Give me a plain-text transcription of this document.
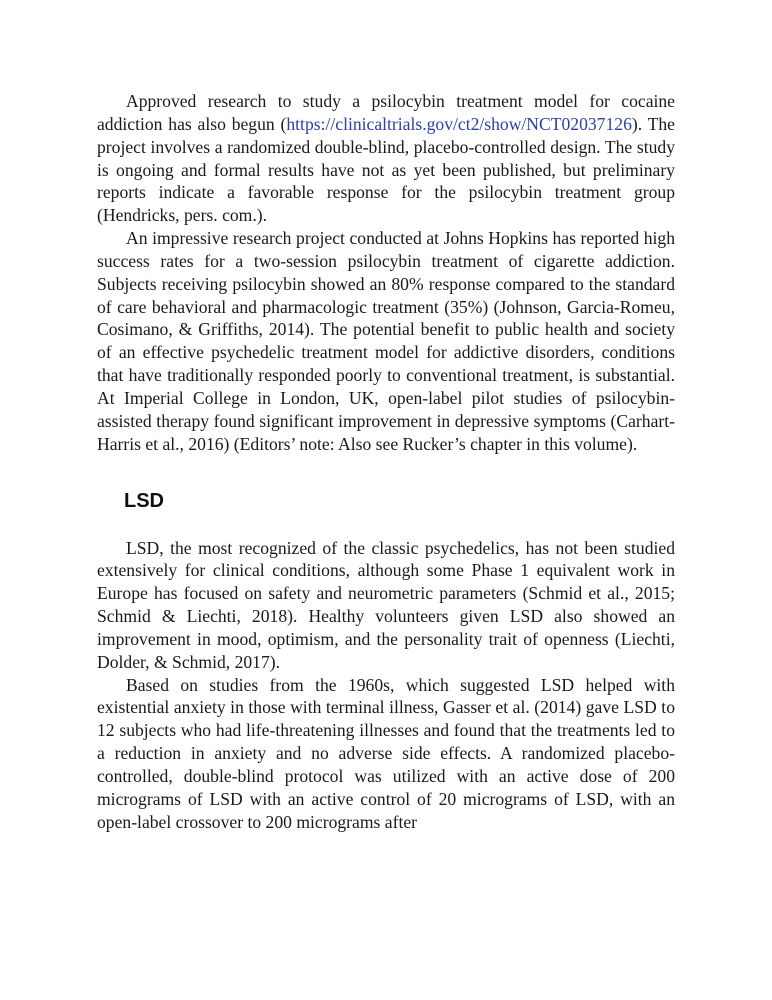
Approved research to study a psilocybin treatment model for cocaine addiction has also begun (https://clinicaltrials.gov/ct2/show/NCT02037126). The project involves a randomized double-blind, placebo-controlled design. The study is ongoing and formal results have not as yet been published, but preliminary reports indicate a favorable response for the psilocybin treatment group (Hendricks, pers. com.).

An impressive research project conducted at Johns Hopkins has reported high success rates for a two-session psilocybin treatment of cigarette addiction. Subjects receiving psilocybin showed an 80% response compared to the standard of care behavioral and pharmacologic treatment (35%) (Johnson, Garcia-Romeu, Cosimano, & Griffiths, 2014). The potential benefit to public health and society of an effective psychedelic treatment model for addictive disorders, conditions that have traditionally responded poorly to conventional treatment, is substantial. At Imperial College in London, UK, open-label pilot studies of psilocybin-assisted therapy found significant improvement in depressive symptoms (Carhart-Harris et al., 2016) (Editors’ note: Also see Rucker’s chapter in this volume).

LSD

LSD, the most recognized of the classic psychedelics, has not been studied extensively for clinical conditions, although some Phase 1 equivalent work in Europe has focused on safety and neurometric parameters (Schmid et al., 2015; Schmid & Liechti, 2018). Healthy volunteers given LSD also showed an improvement in mood, optimism, and the personality trait of openness (Liechti, Dolder, & Schmid, 2017).

Based on studies from the 1960s, which suggested LSD helped with existential anxiety in those with terminal illness, Gasser et al. (2014) gave LSD to 12 subjects who had life-threatening illnesses and found that the treatments led to a reduction in anxiety and no adverse side effects. A randomized placebo-controlled, double-blind protocol was utilized with an active dose of 200 micrograms of LSD with an active control of 20 micrograms of LSD, with an open-label crossover to 200 micrograms after
